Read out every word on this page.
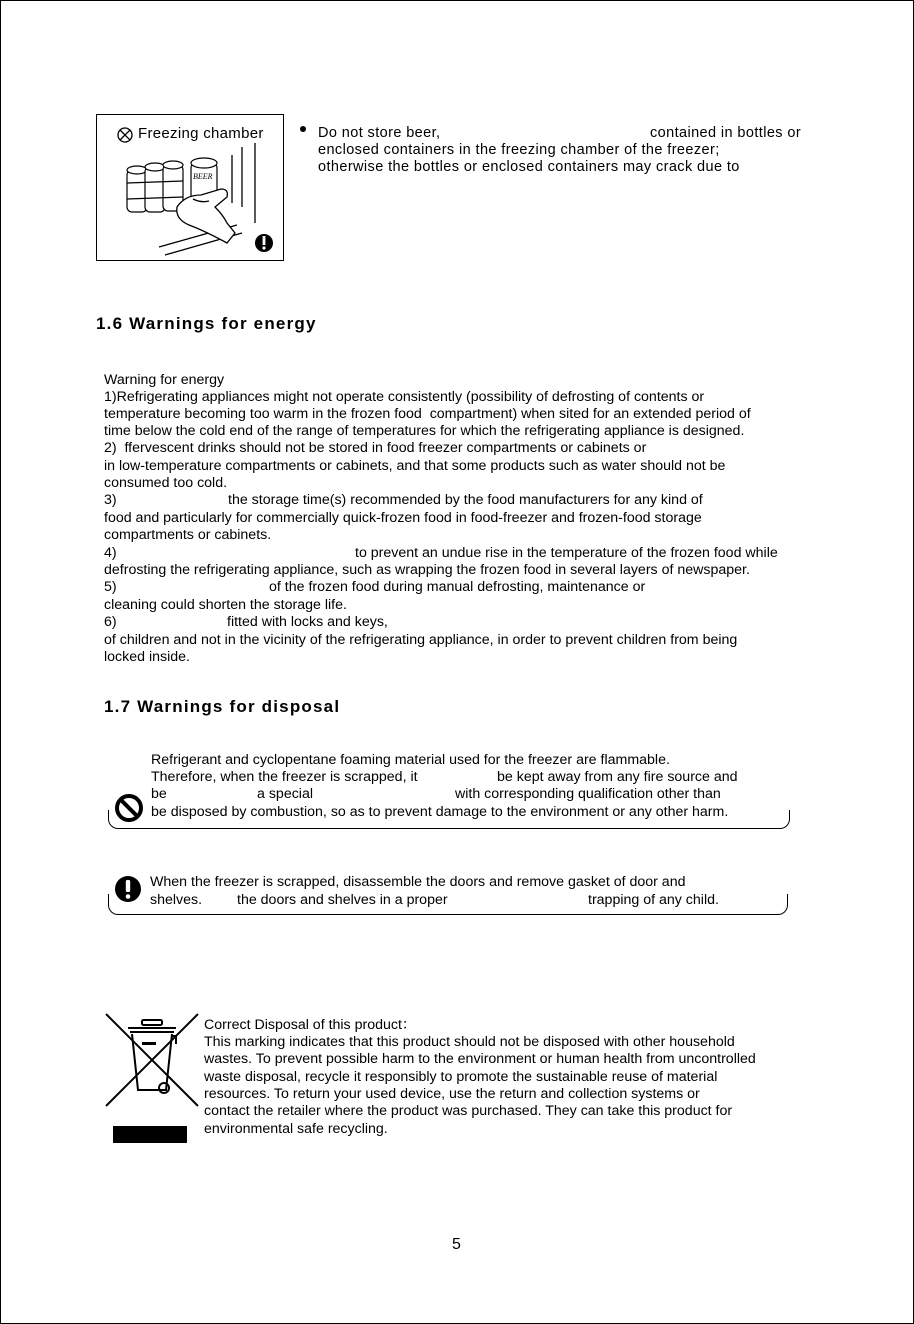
BEER
Freezing chamber	Do not store beer,	contained in bottles or
enclosed containers in the freezing chamber of the freezer;
otherwise the bottles or enclosed containers may crack due to
1.6 Warnings for energy
Warning for energy
1)Refrigerating appliances might not operate consistently (possibility of defrosting of contents or
temperature becoming too warm in the frozen food  compartment) when sited for an extended period of
time below the cold end of the range of temperatures for which the refrigerating appliance is designed.
2)  ffervescent drinks should not be stored in food freezer compartments or cabinets or
in low-temperature compartments or cabinets, and that some products such as water should not be
consumed too cold.
3)	the storage time(s) recommended by the food manufacturers for any kind of
food and particularly for commercially quick-frozen food in food-freezer and frozen-food storage
compartments or cabinets.
4)	to prevent an undue rise in the temperature of the frozen food while
defrosting the refrigerating appliance, such as wrapping the frozen food in several layers of newspaper.
5)	of the frozen food during manual defrosting, maintenance or
cleaning could shorten the storage life.
6)	fitted with locks and keys,
of children and not in the vicinity of the refrigerating appliance, in order to prevent children from being
locked inside.
1.7 Warnings for disposal
Refrigerant and cyclopentane foaming material used for the freezer are flammable.
Therefore, when the freezer is scrapped, it	be kept away from any fire source and
be	a special	with corresponding qualification other than
be disposed by combustion, so as to prevent damage to the environment or any other harm.
When the freezer is scrapped, disassemble the doors and remove gasket of door and
shelves. the doors and shelves in a proper	trapping of any child.
Correct Disposal of this product：
This marking indicates that this product should not be disposed with other household
wastes. To prevent possible harm to the environment or human health from uncontrolled
waste disposal, recycle it responsibly to promote the sustainable reuse of material
resources. To return your used device, use the return and collection systems or
contact the retailer where the product was purchased. They can take this product for
environmental safe recycling.
5
